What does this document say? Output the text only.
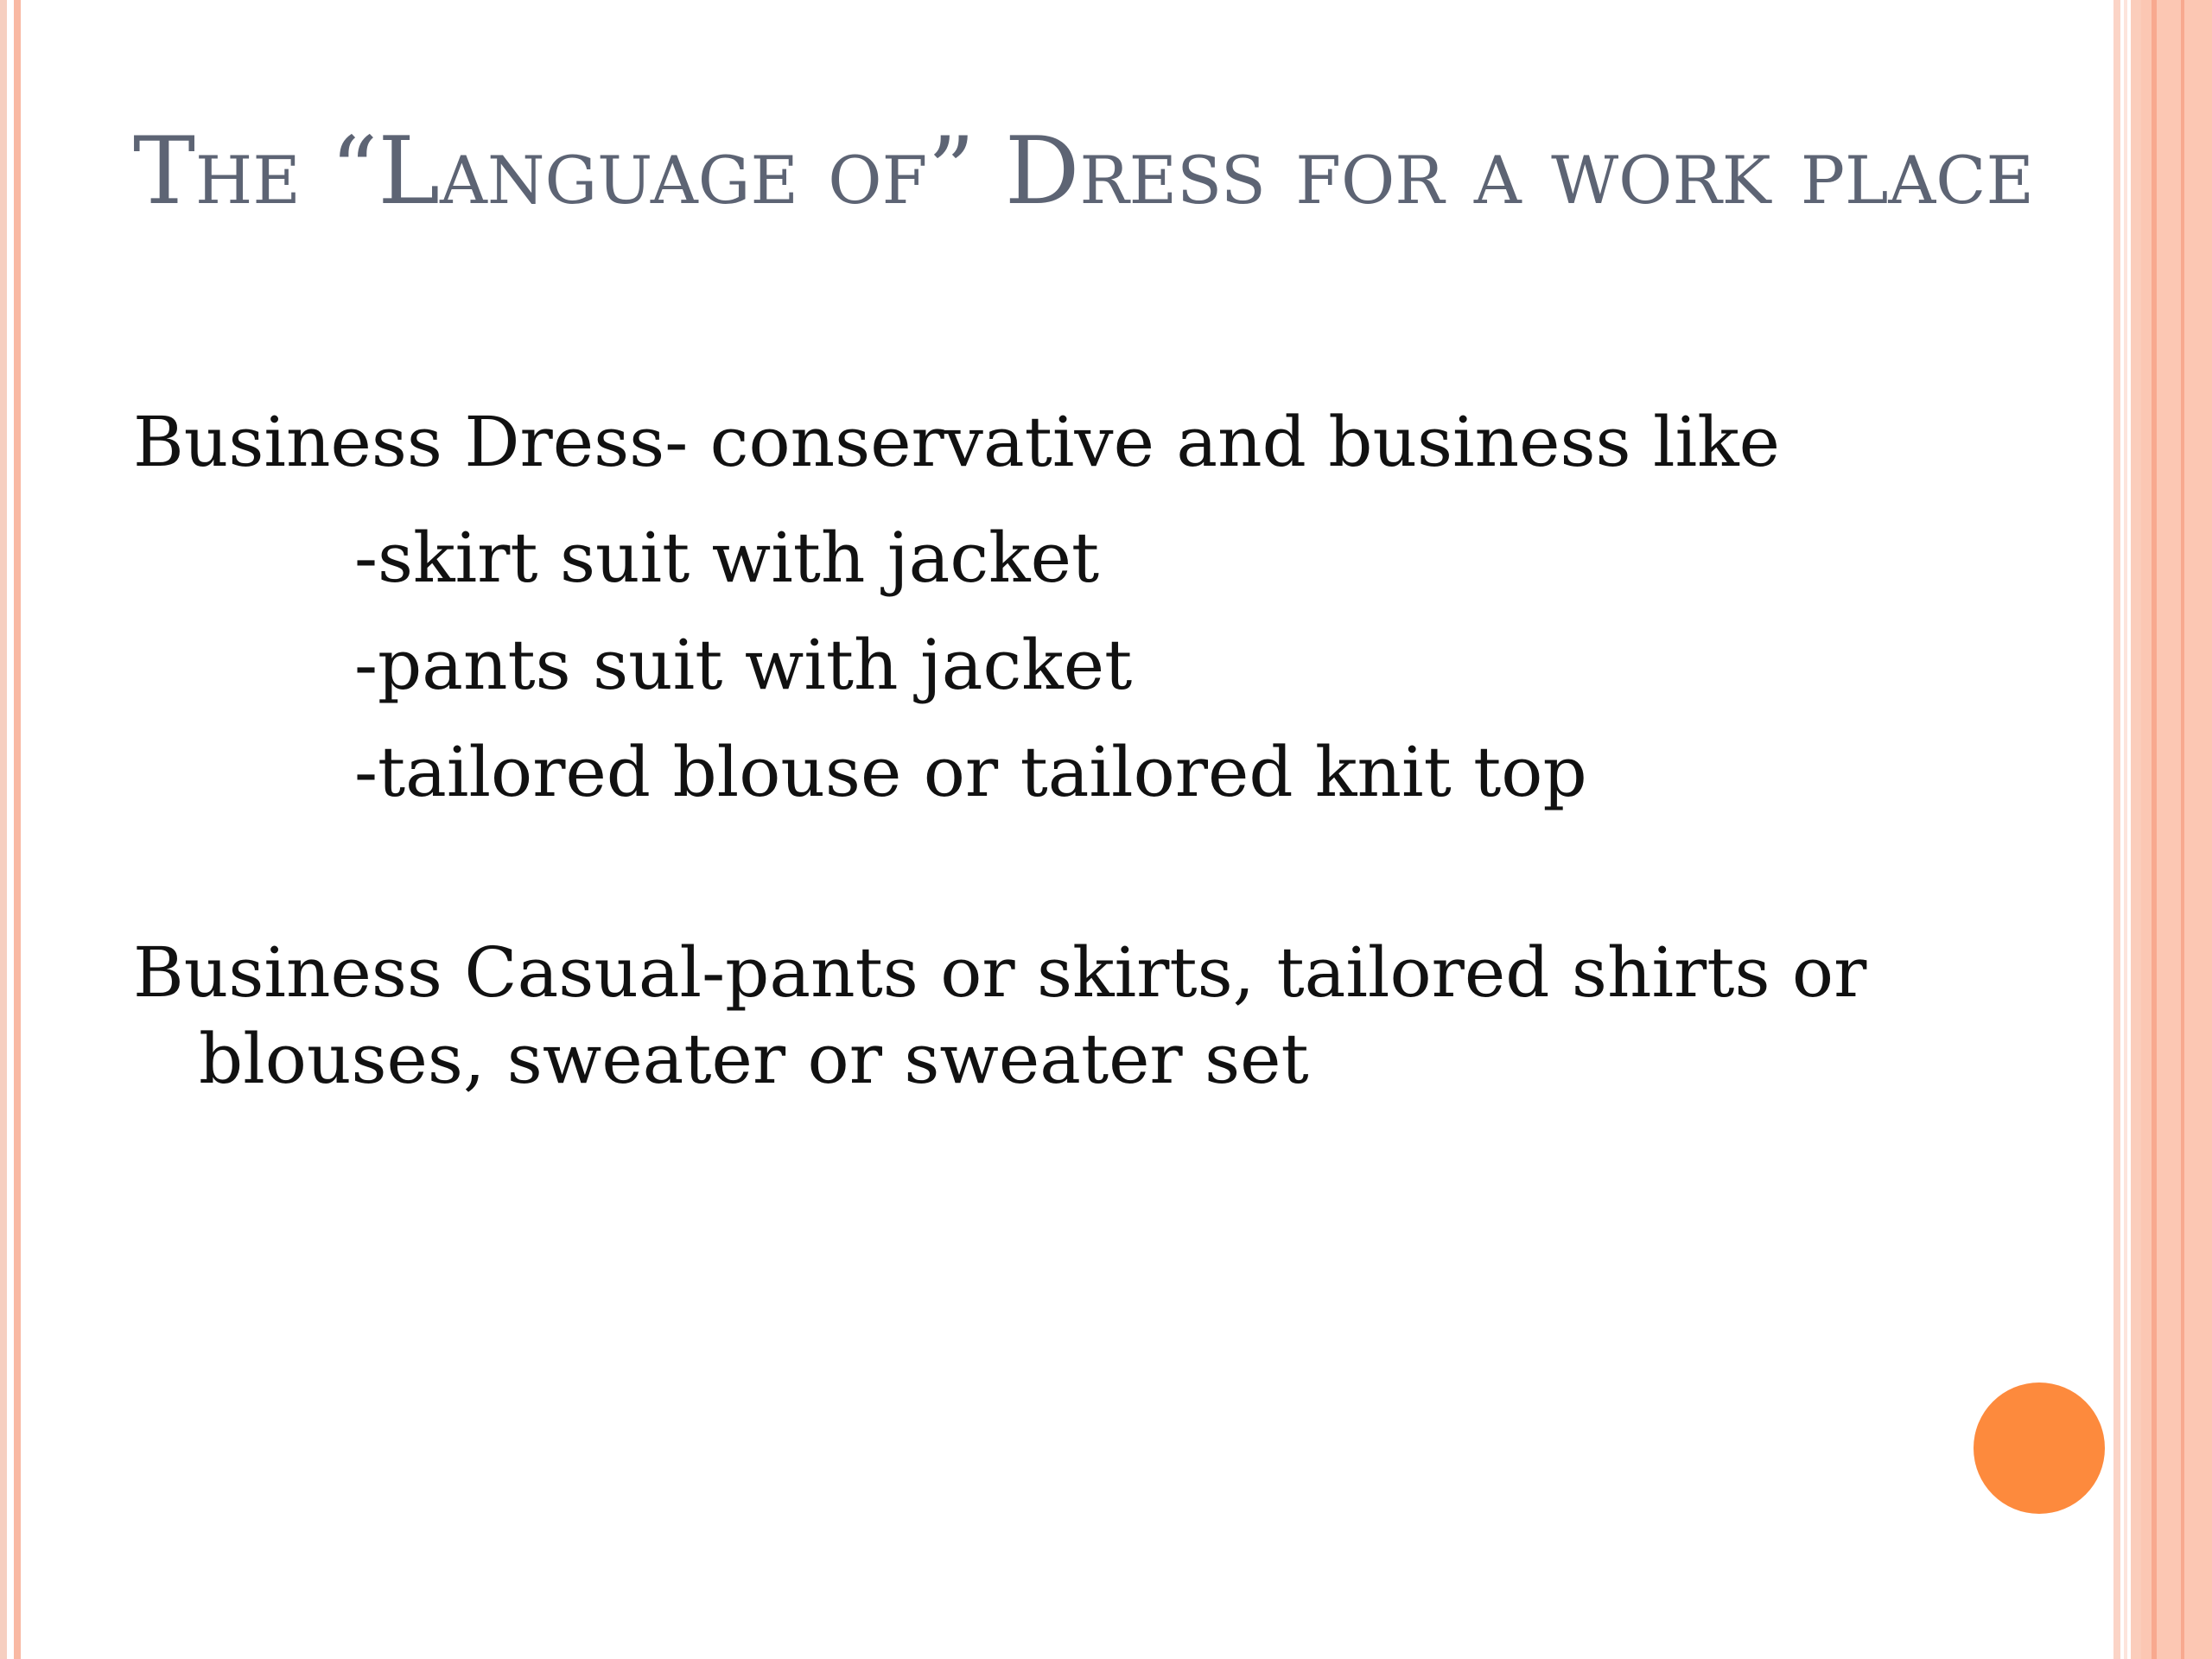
The “Language of” Dress for a work place

Business Dress- conservative and business like

-skirt suit with jacket

-pants suit with jacket

-tailored blouse or tailored knit top

Business Casual-pants or skirts, tailored shirts or blouses, sweater or sweater set
